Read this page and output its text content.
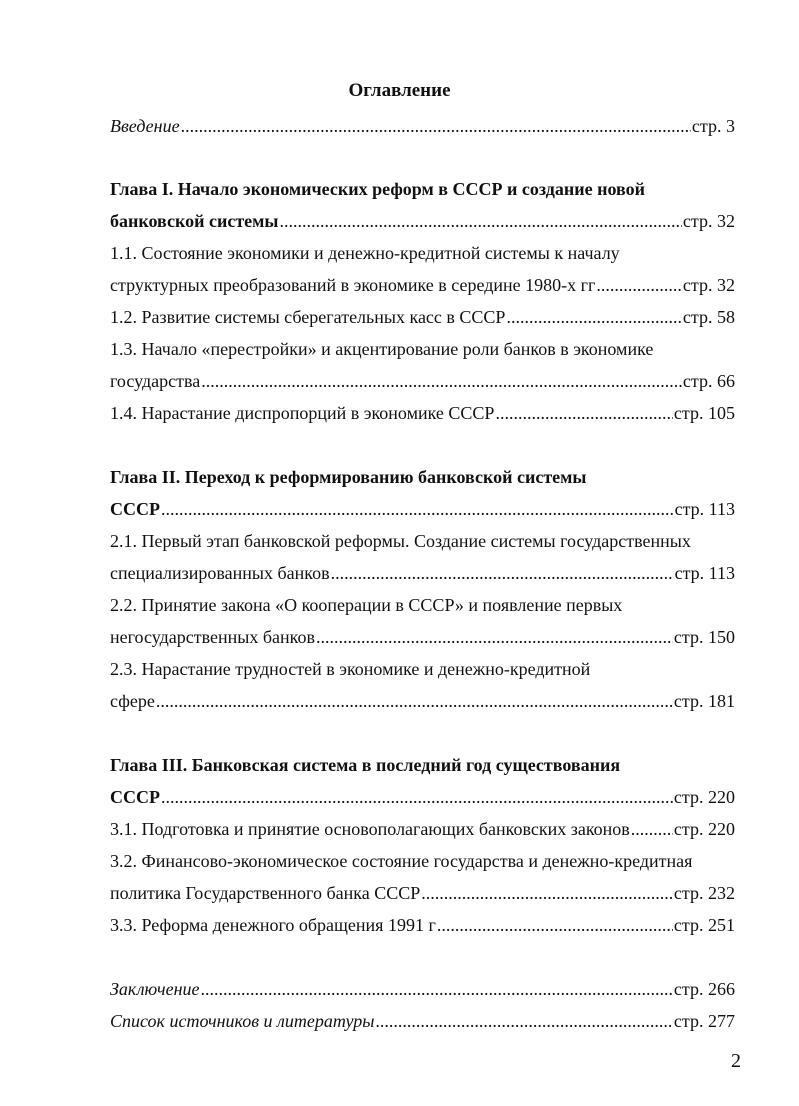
Оглавление
Введение .....	стр. 3
Глава I. Начало экономических реформ в СССР и создание новой
банковской системы .....	стр. 32
1.1. Состояние экономики и денежно-кредитной системы к началу
структурных преобразований в экономике в середине 1980-х гг .....	стр. 32
1.2. Развитие системы сберегательных касс в СССР .....	стр. 58
1.3. Начало «перестройки» и акцентирование роли банков в экономике
государства .....	стр. 66
1.4. Нарастание диспропорций в экономике СССР .....	стр. 105
Глава II. Переход к реформированию банковской системы
СССР .....	стр. 113
2.1. Первый этап банковской реформы. Создание системы государственных
специализированных банков .....	стр. 113
2.2. Принятие закона «О кооперации в СССР» и появление первых
негосударственных банков .....	стр. 150
2.3. Нарастание трудностей в экономике и денежно-кредитной
сфере .....	стр. 181
Глава III. Банковская система в последний год существования
СССР .....	стр. 220
3.1. Подготовка и принятие основополагающих банковских законов ..... стр. 220
3.2. Финансово-экономическое состояние государства и денежно-кредитная
политика Государственного банка СССР .....	стр. 232
3.3. Реформа денежного обращения 1991 г .....	стр. 251
Заключение .....	стр. 266
Список источников и литературы .....	стр. 277
2
